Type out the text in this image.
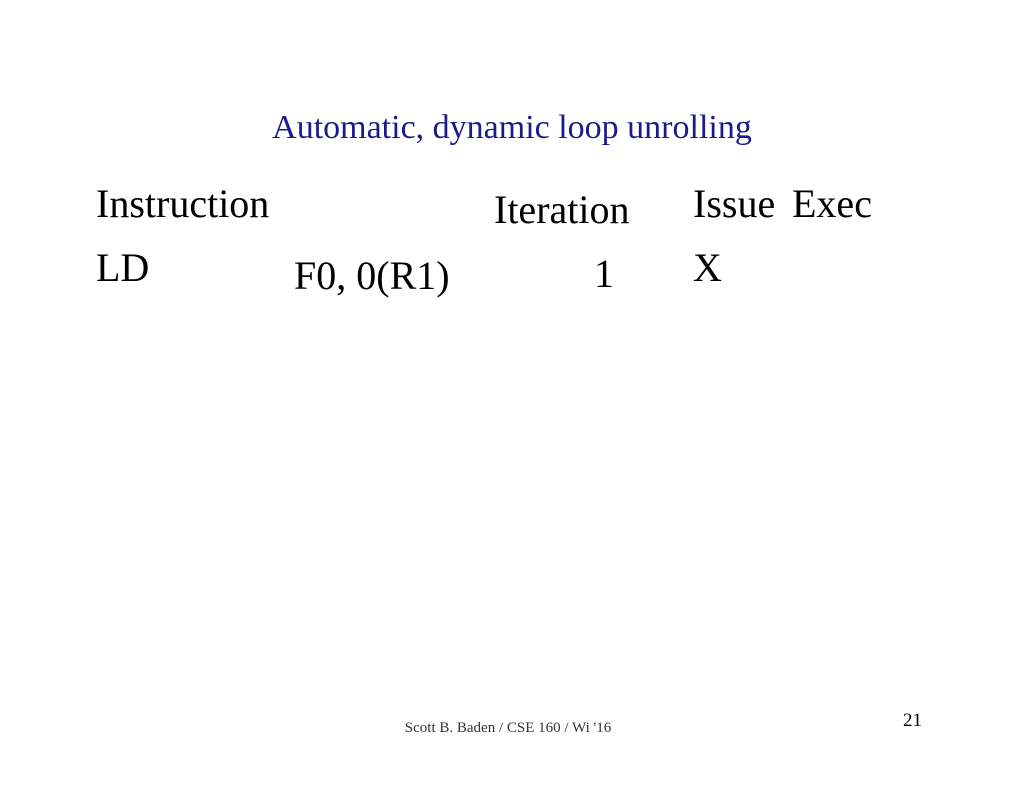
Automatic, dynamic loop unrolling
Instruction	Iteration Issue Exec
LD	F0, 0(R1)	1 X
Scott B. Baden / CSE 160 / Wi '16	21
